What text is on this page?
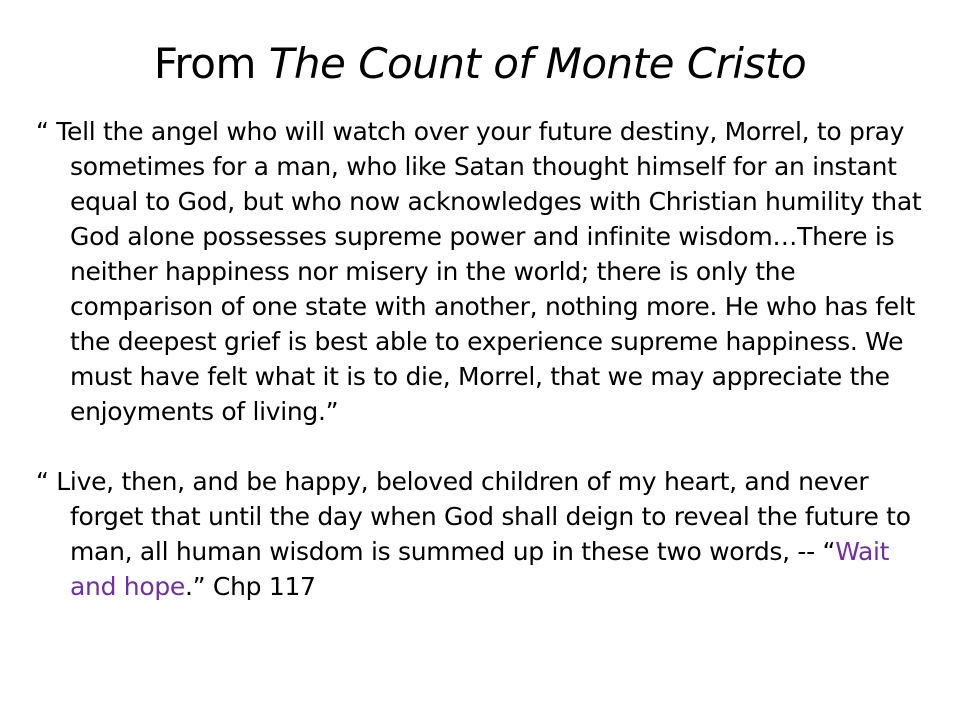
From The Count of Monte Cristo

“ Tell the angel who will watch over your future destiny, Morrel, to pray sometimes for a man, who like Satan thought himself for an instant equal to God, but who now acknowledges with Christian humility that God alone possesses supreme power and infinite wisdom…There is neither happiness nor misery in the world; there is only the comparison of one state with another, nothing more. He who has felt the deepest grief is best able to experience supreme happiness. We must have felt what it is to die, Morrel, that we may appreciate the enjoyments of living.”

“ Live, then, and be happy, beloved children of my heart, and never forget that until the day when God shall deign to reveal the future to man, all human wisdom is summed up in these two words, -- “Wait and hope.” Chp 117
